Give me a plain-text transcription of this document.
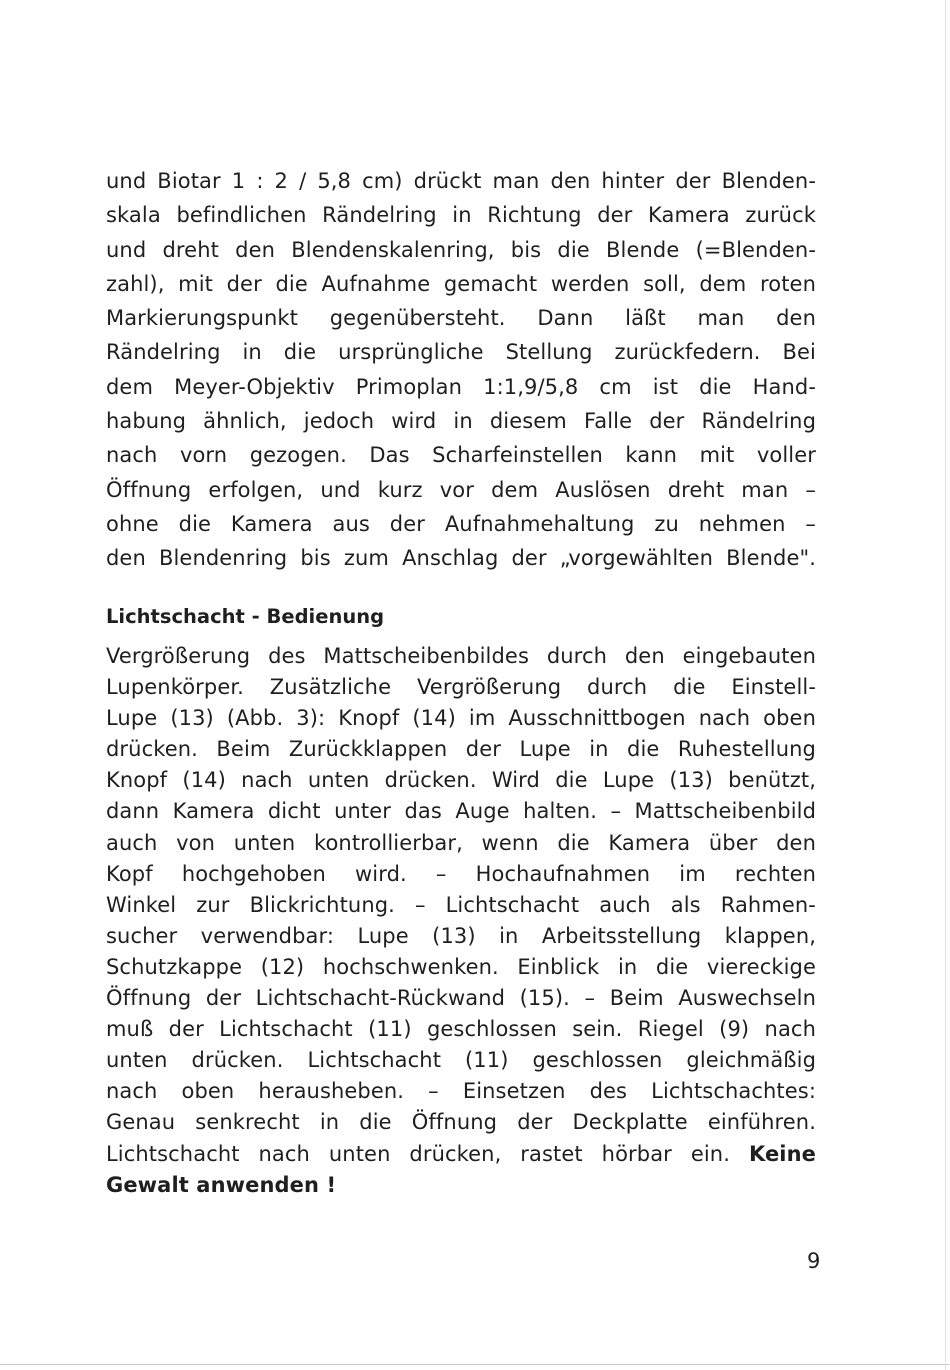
und Biotar 1 : 2 / 5,8 cm) drückt man den hinter der Blenden-
skala befindlichen Rändelring in Richtung der Kamera zurück
und dreht den Blendenskalenring, bis die Blende (=Blenden-
zahl), mit der die Aufnahme gemacht werden soll, dem roten
Markierungspunkt gegenübersteht. Dann läßt man den
Rändelring in die ursprüngliche Stellung zurückfedern. Bei
dem Meyer-Objektiv Primoplan 1:1,9/5,8 cm ist die Hand-
habung ähnlich, jedoch wird in diesem Falle der Rändelring
nach vorn gezogen. Das Scharfeinstellen kann mit voller
Öffnung erfolgen, und kurz vor dem Auslösen dreht man –
ohne die Kamera aus der Aufnahmehaltung zu nehmen –
den Blendenring bis zum Anschlag der „vorgewählten Blende".
Lichtschacht - Bedienung
Vergrößerung des Mattscheibenbildes durch den eingebauten
Lupenkörper. Zusätzliche Vergrößerung durch die Einstell-
Lupe (13) (Abb. 3): Knopf (14) im Ausschnittbogen nach oben
drücken. Beim Zurückklappen der Lupe in die Ruhestellung
Knopf (14) nach unten drücken. Wird die Lupe (13) benützt,
dann Kamera dicht unter das Auge halten. – Mattscheibenbild
auch von unten kontrollierbar, wenn die Kamera über den
Kopf hochgehoben wird. – Hochaufnahmen im rechten
Winkel zur Blickrichtung. – Lichtschacht auch als Rahmen-
sucher verwendbar: Lupe (13) in Arbeitsstellung klappen,
Schutzkappe (12) hochschwenken. Einblick in die viereckige
Öffnung der Lichtschacht-Rückwand (15). – Beim Auswechseln
muß der Lichtschacht (11) geschlossen sein. Riegel (9) nach
unten drücken. Lichtschacht (11) geschlossen gleichmäßig
nach oben herausheben. – Einsetzen des Lichtschachtes:
Genau senkrecht in die Öffnung der Deckplatte einführen.
Lichtschacht nach unten drücken, rastet hörbar ein. Keine
Gewalt anwenden !
9
